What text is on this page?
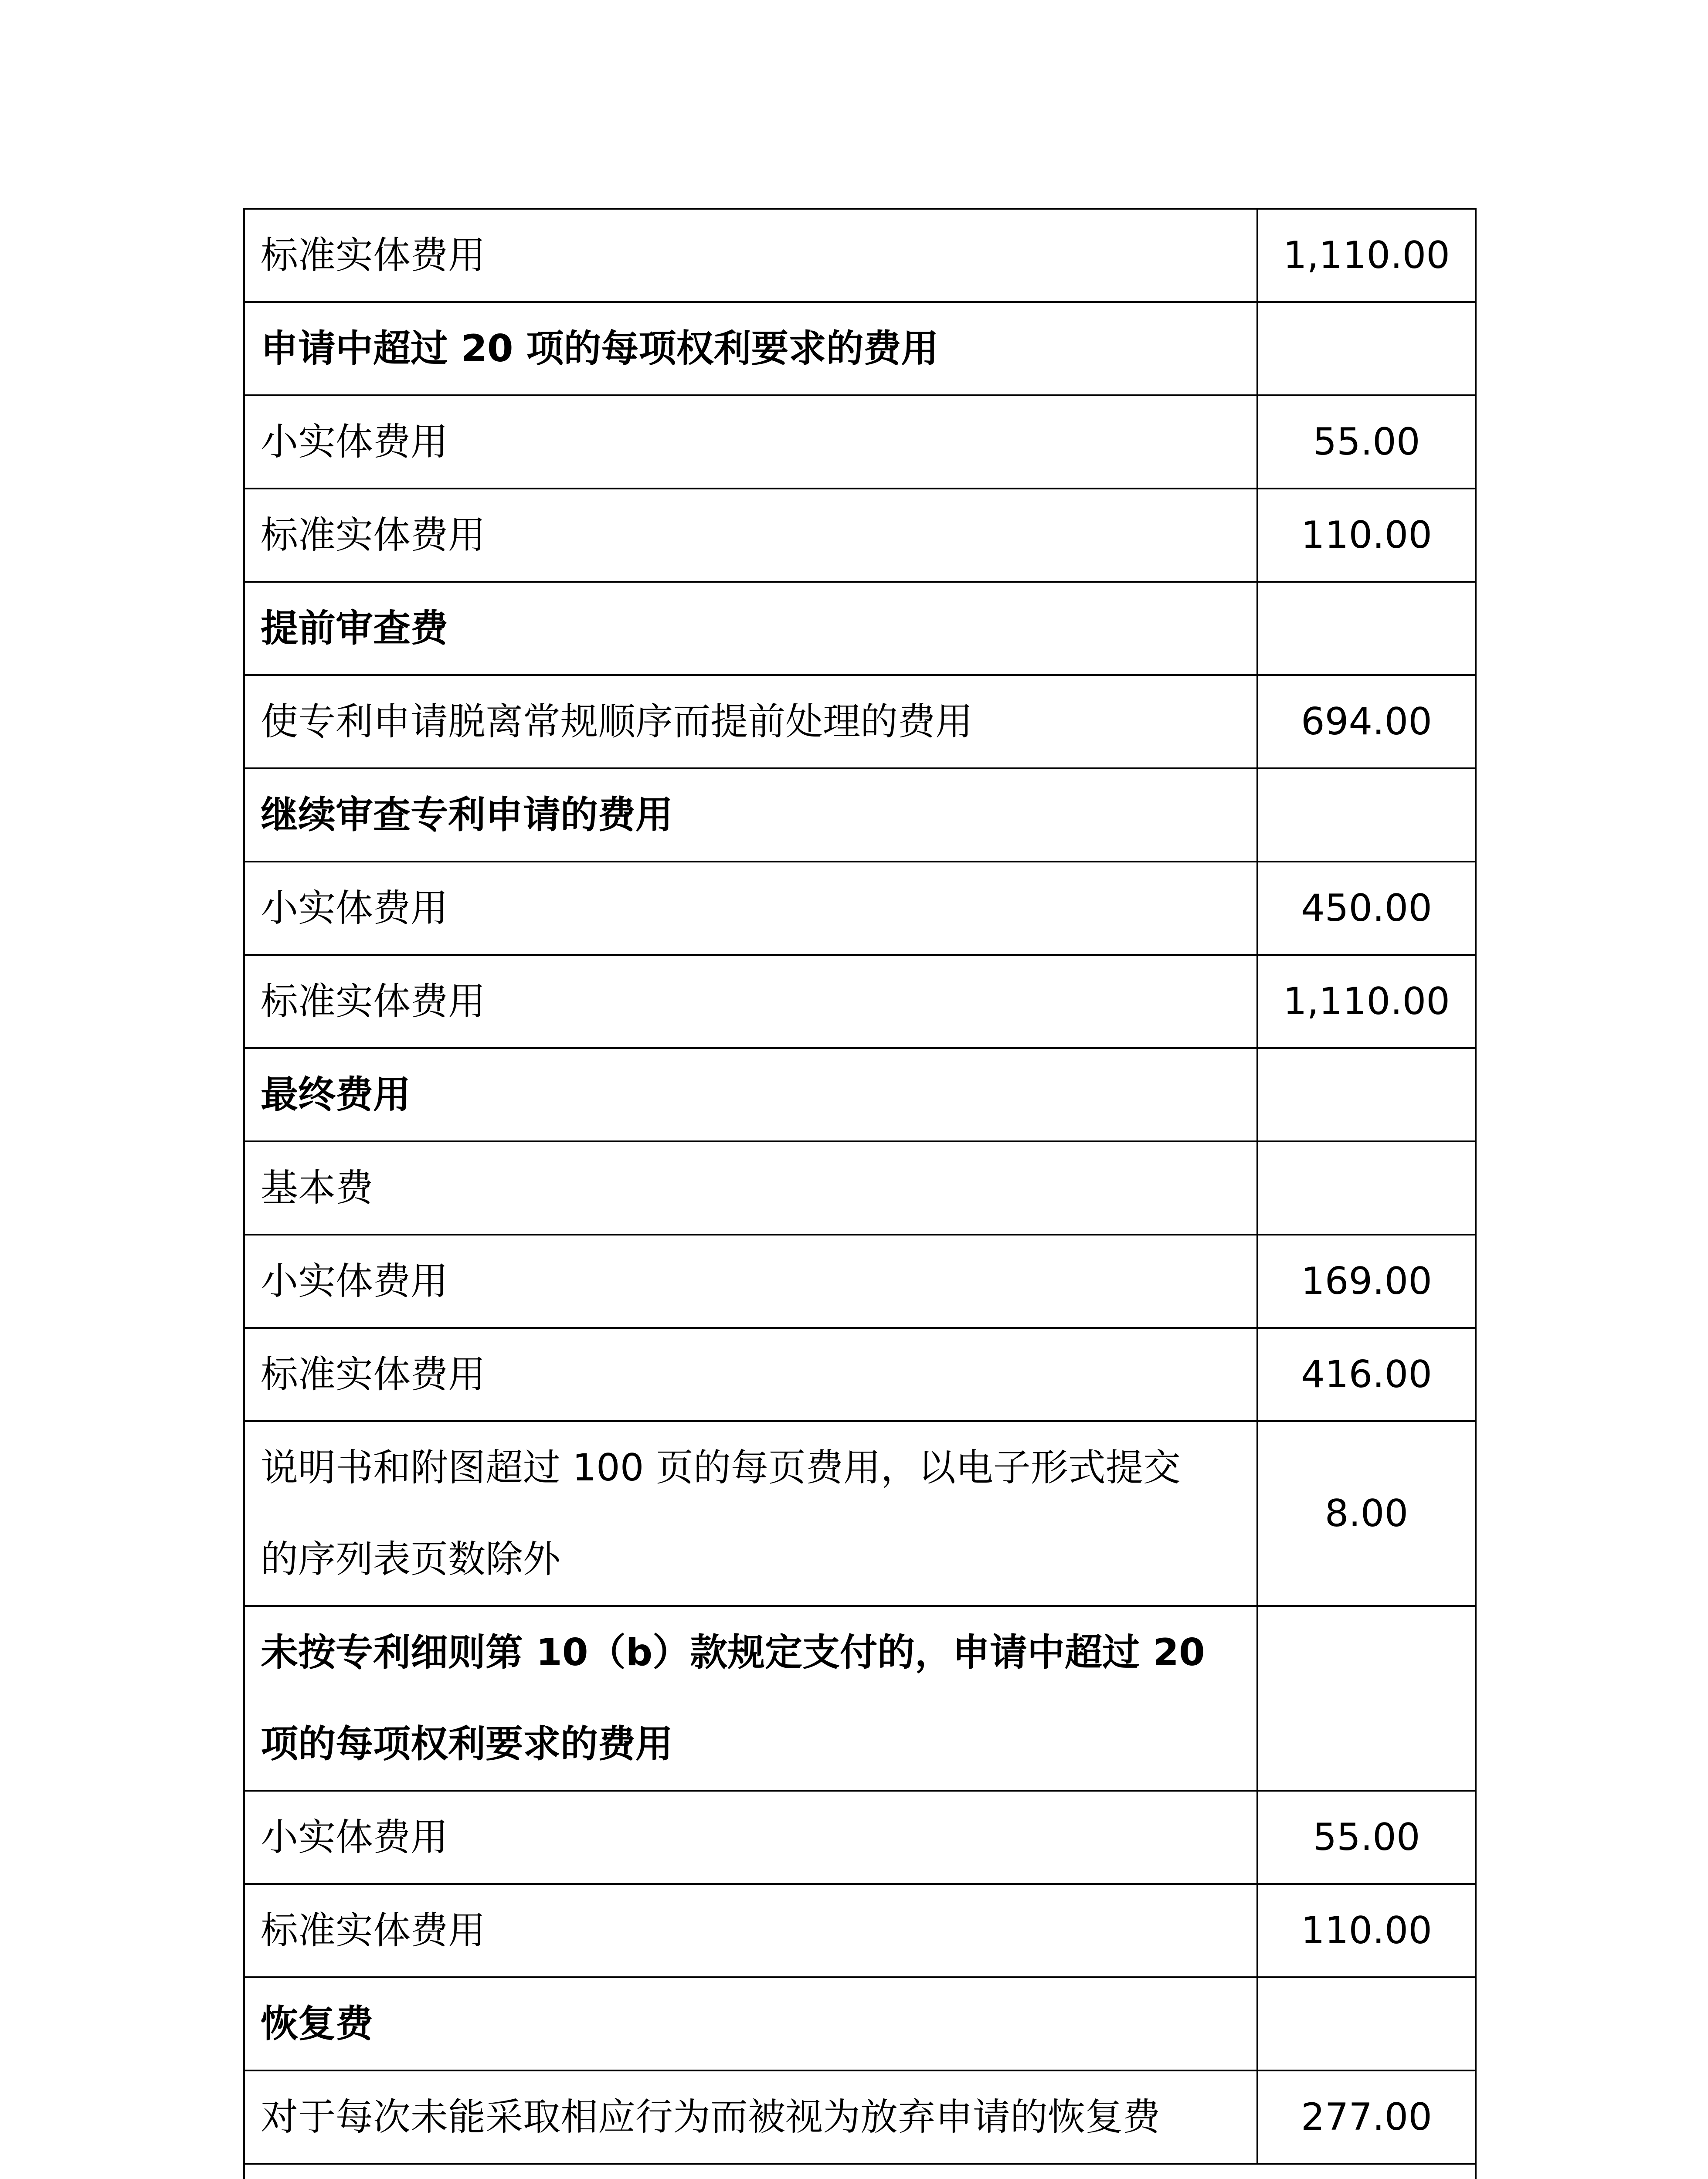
标准实体费用	1,110.00
申请中超过 20 项的每项权利要求的费用	
小实体费用	55.00
标准实体费用	110.00
提前审查费	
使专利申请脱离常规顺序而提前处理的费用	694.00
继续审查专利申请的费用	
小实体费用	450.00
标准实体费用	1,110.00
最终费用	
基本费	
小实体费用	169.00
标准实体费用	416.00
说明书和附图超过 100 页的每页费用，以电子形式提交
的序列表页数除外	8.00
未按专利细则第 10（b）款规定支付的，申请中超过 20
项的每项权利要求的费用	
小实体费用	55.00
标准实体费用	110.00
恢复费	
对于每次未能采取相应行为而被视为放弃申请的恢复费	277.00
